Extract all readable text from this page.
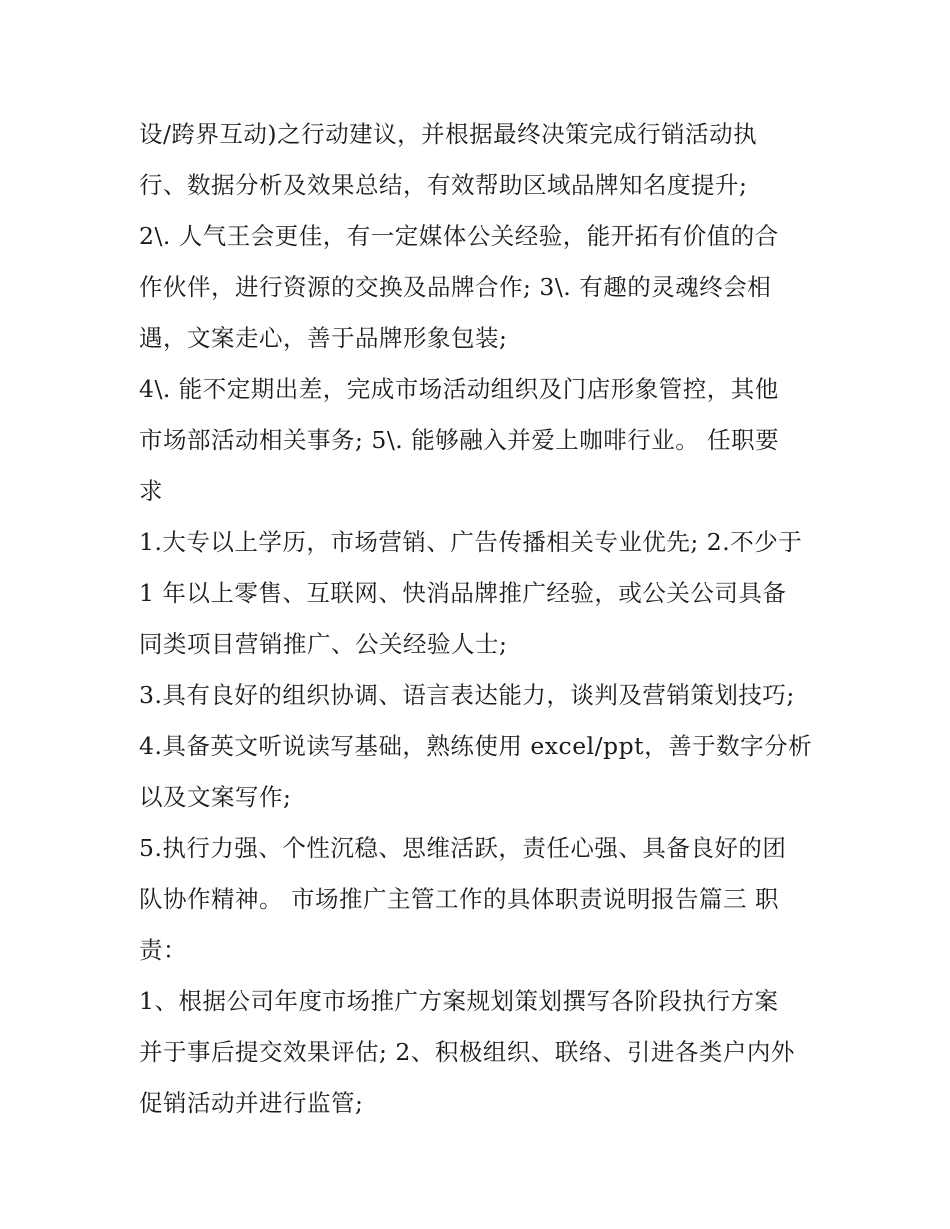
设/跨界互动)之行动建议，并根据最终决策完成行销活动执
行、数据分析及效果总结，有效帮助区域品牌知名度提升;
2\. 人气王会更佳，有一定媒体公关经验，能开拓有价值的合
作伙伴，进行资源的交换及品牌合作; 3\. 有趣的灵魂终会相
遇，文案走心，善于品牌形象包装;
4\. 能不定期出差，完成市场活动组织及门店形象管控，其他
市场部活动相关事务; 5\. 能够融入并爱上咖啡行业。 任职要
求
1.大专以上学历，市场营销、广告传播相关专业优先; 2.不少于
1 年以上零售、互联网、快消品牌推广经验，或公关公司具备
同类项目营销推广、公关经验人士;
3.具有良好的组织协调、语言表达能力，谈判及营销策划技巧;
4.具备英文听说读写基础，熟练使用 excel/ppt，善于数字分析
以及文案写作;
5.执行力强、个性沉稳、思维活跃，责任心强、具备良好的团
队协作精神。 市场推广主管工作的具体职责说明报告篇三 职
责：
1、根据公司年度市场推广方案规划策划撰写各阶段执行方案
并于事后提交效果评估; 2、积极组织、联络、引进各类户内外
促销活动并进行监管;
